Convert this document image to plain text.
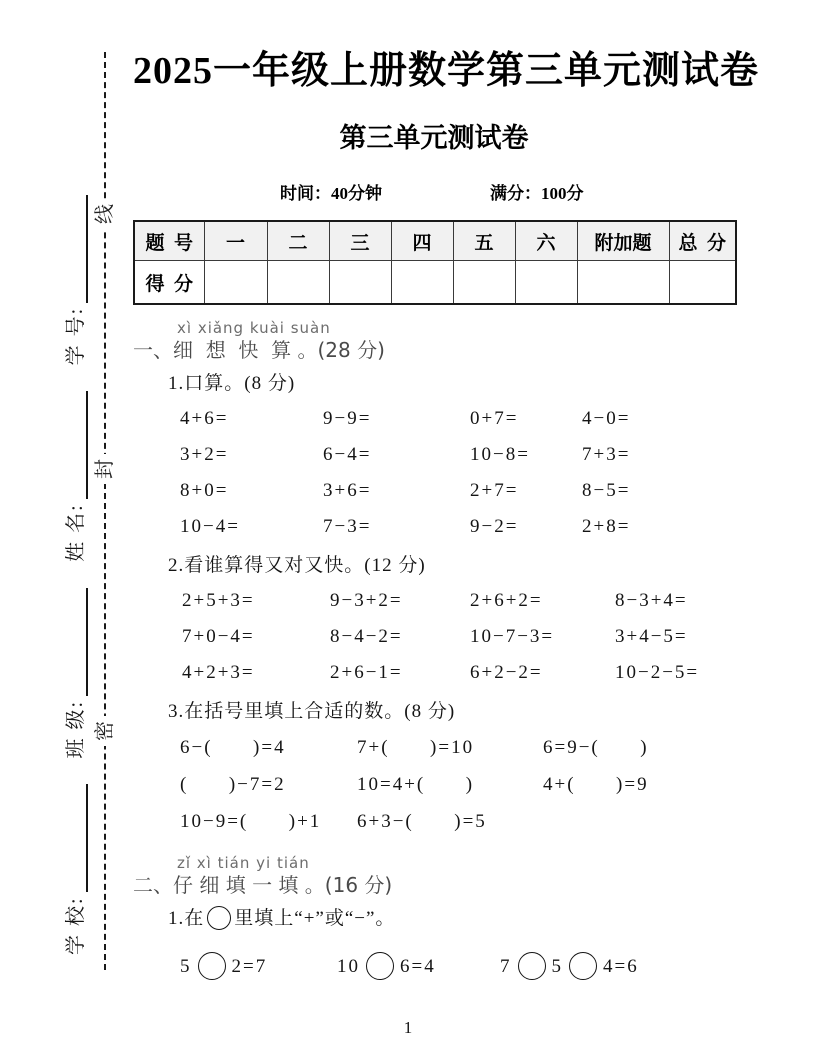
密
封
线
学 校:
班 级:
姓 名:
学 号:
2025一年级上册数学第三单元测试卷
第三单元测试卷
时间：40分钟	满分：100分
题  号	一	二	三	四	五	六	附加题	总  分
得  分								
xì xiǎng kuài suàn
一、细  想  快  算 。(28 分)
1.口算。(8 分)
4+6=	9−9=	0+7=	4−0=
3+2=	6−4=	10−8=	7+3=
8+0=	3+6=	2+7=	8−5=
10−4=	7−3=	9−2=	2+8=
2.看谁算得又对又快。(12 分)
2+5+3=	9−3+2=	2+6+2=	8−3+4=
7+0−4=	8−4−2=	10−7−3=	3+4−5=
4+2+3=	2+6−1=	6+2−2=	10−2−5=
3.在括号里填上合适的数。(8 分)
6−(      )=4	7+(      )=10	6=9−(      )
(      )−7=2	10=4+(      )	4+(      )=9
10−9=(      )+1	6+3−(      )=5
zǐ xì tián yi tián
二、仔 细 填 一 填 。(16 分)
1.在 里填上“+”或“−”。
5 2=7	10 6=4	7 5 4=6
1
